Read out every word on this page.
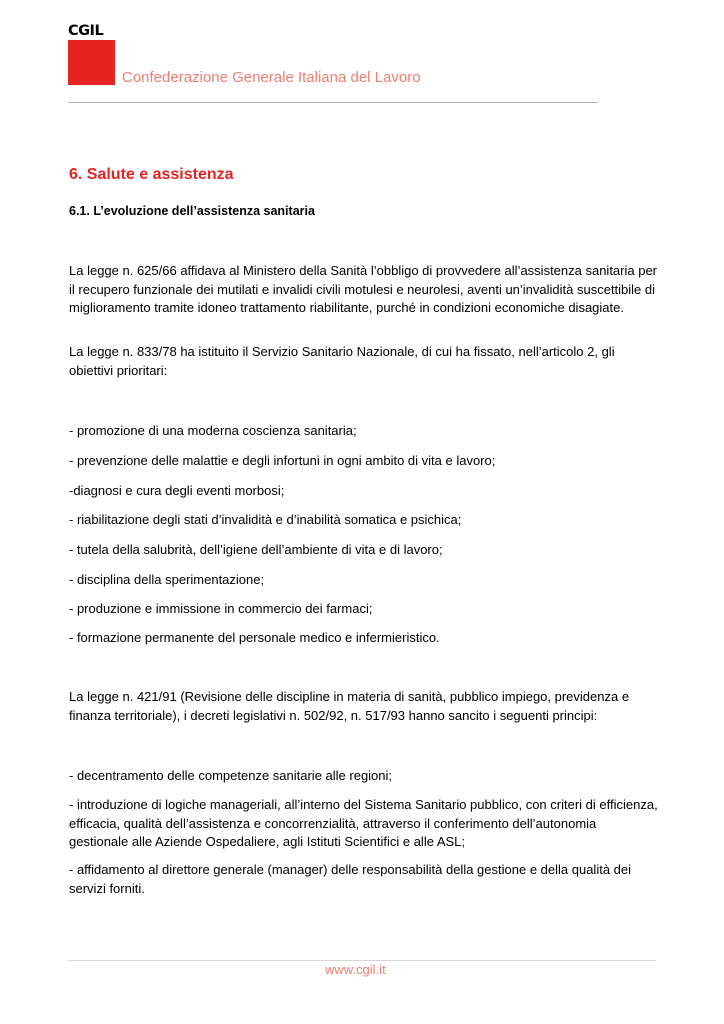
CGIL
Confederazione Generale Italiana del Lavoro
6. Salute e assistenza
6.1. L’evoluzione dell’assistenza sanitaria

La legge n. 625/66 affidava al Ministero della Sanità l’obbligo di provvedere all’assistenza sanitaria per il recupero funzionale dei mutilati e invalidi civili motulesi e neurolesi, aventi un’invalidità suscettibile di miglioramento tramite idoneo trattamento riabilitante, purché in condizioni economiche disagiate.

La legge n. 833/78 ha istituito il Servizio Sanitario Nazionale, di cui ha fissato, nell’articolo 2, gli obiettivi prioritari:

- promozione di una moderna coscienza sanitaria;
- prevenzione delle malattie e degli infortuni in ogni ambito di vita e lavoro;
-diagnosi e cura degli eventi morbosi;
- riabilitazione degli stati d’invalidità e d’inabilità somatica e psichica;
- tutela della salubrità, dell’igiene dell’ambiente di vita e di lavoro;
- disciplina della sperimentazione;
- produzione e immissione in commercio dei farmaci;
- formazione permanente del personale medico e infermieristico.

La legge n. 421/91 (Revisione delle discipline in materia di sanità, pubblico impiego, previdenza e finanza territoriale), i decreti legislativi n. 502/92, n. 517/93 hanno sancito i seguenti principi:

- decentramento delle competenze sanitarie alle regioni;
- introduzione di logiche manageriali, all’interno del Sistema Sanitario pubblico, con criteri di efficienza, efficacia, qualità dell’assistenza e concorrenzialità, attraverso il conferimento dell’autonomia gestionale alle Aziende Ospedaliere, agli Istituti Scientifici e alle ASL;
- affidamento al direttore generale (manager) delle responsabilità della gestione e della qualità dei servizi forniti.
www.cgil.it
